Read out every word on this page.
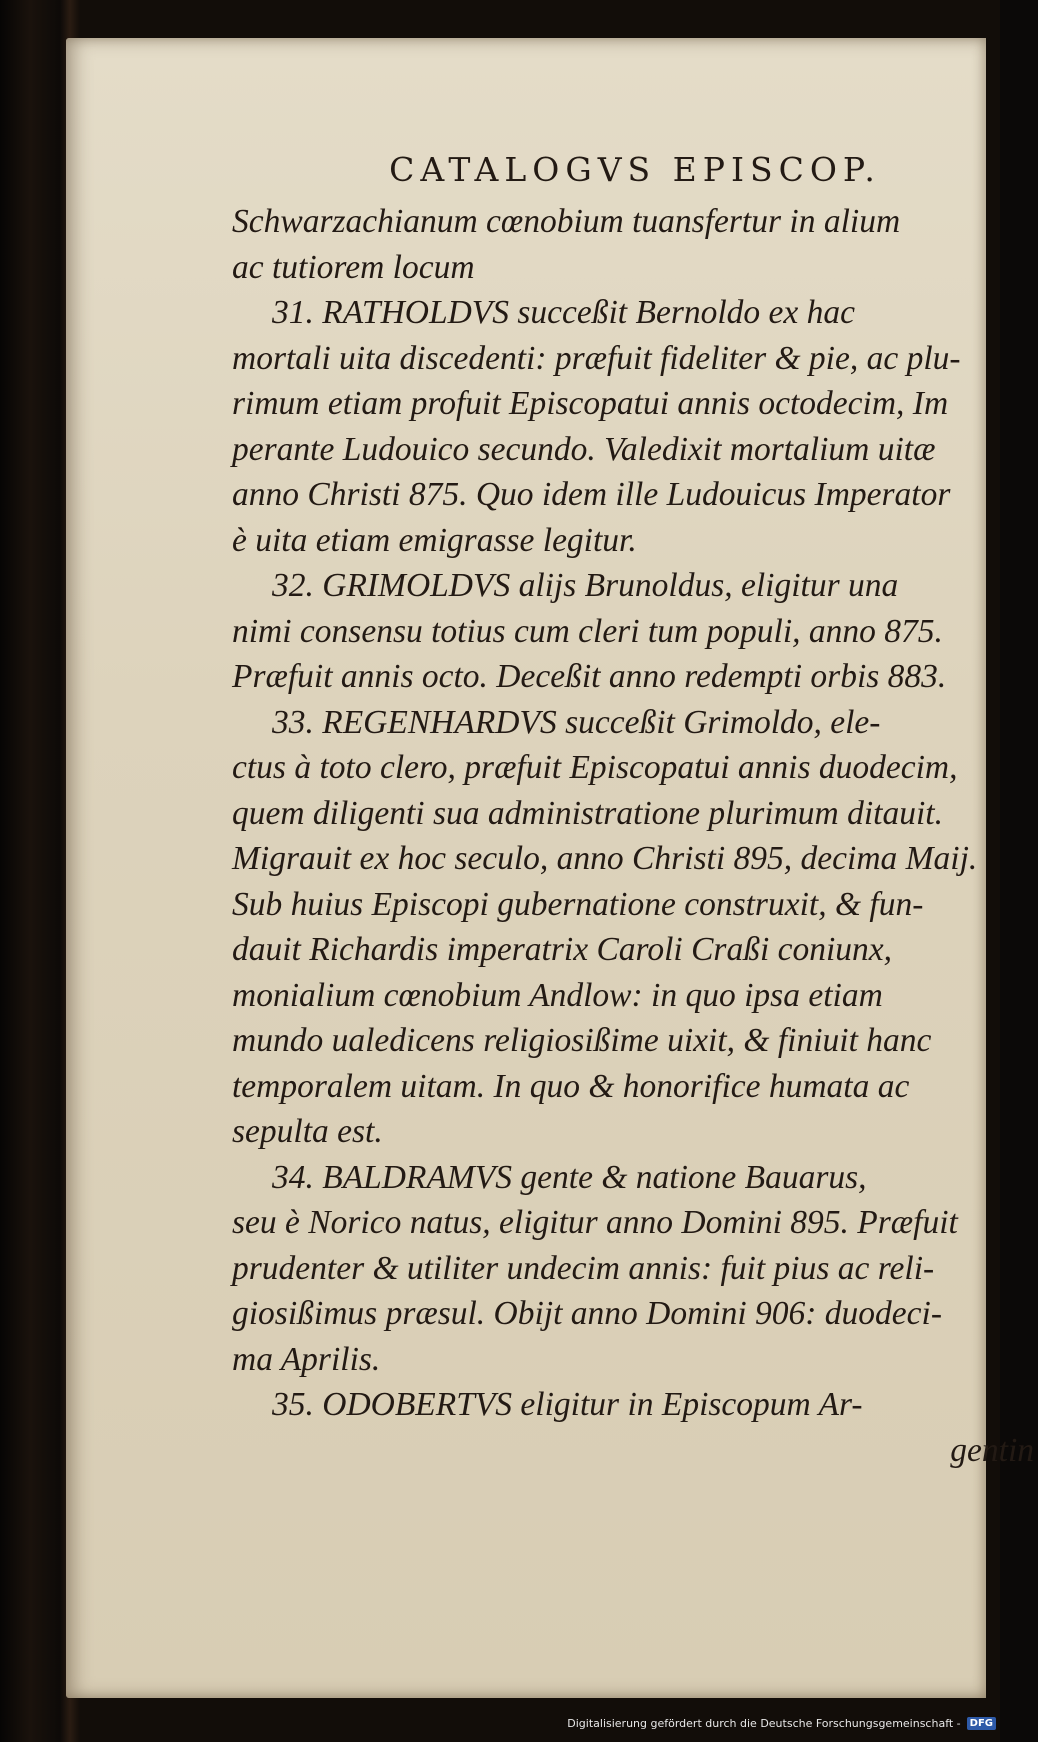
CATALOGVS EPISCOP.
Schwarzachianum cœnobium tuansfertur in alium
ac tutiorem locum
31. RATHOLDVS succeßit Bernoldo ex hac
mortali uita discedenti: præfuit fideliter & pie, ac plu-
rimum etiam profuit Episcopatui annis octodecim, Im
perante Ludouico secundo. Valedixit mortalium uitæ
anno Christi 875. Quo idem ille Ludouicus Imperator
è uita etiam emigrasse legitur.
32. GRIMOLDVS alijs Brunoldus, eligitur una
nimi consensu totius cum cleri tum populi, anno 875.
Præfuit annis octo. Deceßit anno redempti orbis 883.
33. REGENHARDVS succeßit Grimoldo, ele-
ctus à toto clero, præfuit Episcopatui annis duodecim,
quem diligenti sua administratione plurimum ditauit.
Migrauit ex hoc seculo, anno Christi 895, decima Maij.
Sub huius Episcopi gubernatione construxit, & fun-
dauit Richardis imperatrix Caroli Craßi coniunx,
monialium cœnobium Andlow: in quo ipsa etiam
mundo ualedicens religiosißime uixit, & finiuit hanc
temporalem uitam. In quo & honorifice humata ac
sepulta est.
34. BALDRAMVS gente & natione Bauarus,
seu è Norico natus, eligitur anno Domini 895. Præfuit
prudenter & utiliter undecim annis: fuit pius ac reli-
giosißimus præsul. Obijt anno Domini 906: duodeci-
ma Aprilis.
35. ODOBERTVS eligitur in Episcopum Ar-
gentin
Digitalisierung gefördert durch die Deutsche Forschungsgemeinschaft - DFG
